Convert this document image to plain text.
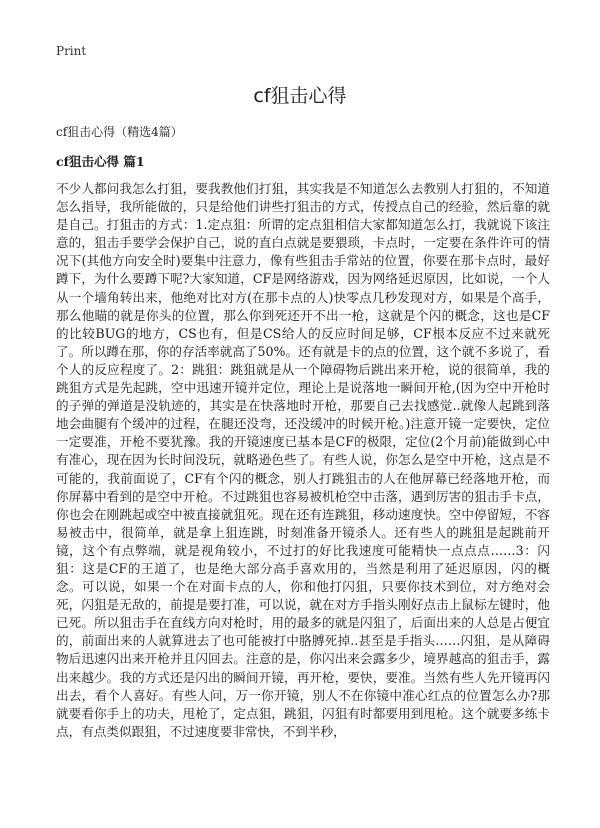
Print
cf狙击心得
cf狙击心得（精选4篇）
cf狙击心得 篇1

不少人都问我怎么打狙，要我教他们打狙，其实我是不知道怎么去教别人打狙的，不知道怎么指导，我所能做的，只是给他们讲些打狙击的方式，传授点自己的经验，然后靠的就是自己。打狙击的方式：1.定点狙：所谓的定点狙相信大家都知道怎么打，我就说下该注意的，狙击手要学会保护自己，说的直白点就是要猥琐，卡点时，一定要在条件许可的情况下(其他方向安全时)要集中注意力，像有些狙击手常站的位置，你要在那卡点时，最好蹲下，为什么要蹲下呢?大家知道，CF是网络游戏，因为网络延迟原因，比如说，一个人从一个墙角转出来，他绝对比对方(在那卡点的人)快零点几秒发现对方，如果是个高手，那么他瞄的就是你头的位置，那么你到死还开不出一枪，这就是个闪的概念，这也是CF的比较BUG的地方，CS也有，但是CS给人的反应时间足够，CF根本反应不过来就死了。所以蹲在那，你的存活率就高了50%。还有就是卡的点的位置，这个就不多说了，看个人的反应程度了。2：跳狙：跳狙就是从一个障碍物后跳出来开枪，说的很简单，我的跳狙方式是先起跳，空中迅速开镜并定位，理论上是说落地一瞬间开枪,(因为空中开枪时的子弹的弹道是没轨迹的，其实是在快落地时开枪，那要自己去找感觉..就像人起跳到落地会曲腿有个缓冲的过程，在腿还没弯，还没缓冲的时候开枪。)注意开镜一定要快，定位一定要准，开枪不要犹豫。我的开镜速度已基本是CF的极限，定位(2个月前)能做到心中有准心，现在因为长时间没玩，就略逊色些了。有些人说，你怎么是空中开枪，这点是不可能的，我前面说了，CF有个闪的概念，别人打跳狙击的人在他屏幕已经落地开枪，而你屏幕中看到的是空中开枪。不过跳狙也容易被机枪空中击落，遇到厉害的狙击手卡点，你也会在刚跳起或空中被直接就狙死。现在还有连跳狙，移动速度快。空中停留短，不容易被击中，很简单，就是拿上狙连跳，时刻准备开镜杀人。还有些人的跳狙是起跳前开镜，这个有点弊端，就是视角较小，不过打的好比我速度可能精快一点点点……3：闪狙：这是CF的王道了，也是绝大部分高手喜欢用的，当然是利用了延迟原因，闪的概念。可以说，如果一个在对面卡点的人，你和他打闪狙，只要你技术到位，对方绝对会死，闪狙是无敌的，前提是要打准，可以说，就在对方手指头刚好点击上鼠标左键时，他已死。所以狙击手在直线方向对枪时，用的最多的就是闪狙了，后面出来的人总是占便宜的，前面出来的人就算进去了也可能被打中胳膊死掉..甚至是手指头……闪狙，是从障碍物后迅速闪出来开枪并且闪回去。注意的是，你闪出来会露多少，境界越高的狙击手，露出来越少。我的方式还是闪出的瞬间开镜，再开枪，要快，要准。当然有些人先开镜再闪出去，看个人喜好。有些人问，万一你开镜，别人不在你镜中准心红点的位置怎么办?那就要看你手上的功夫，甩枪了，定点狙，跳狙，闪狙有时都要用到甩枪。这个就要多练卡点，有点类似跟狙，不过速度要非常快，不到半秒，
